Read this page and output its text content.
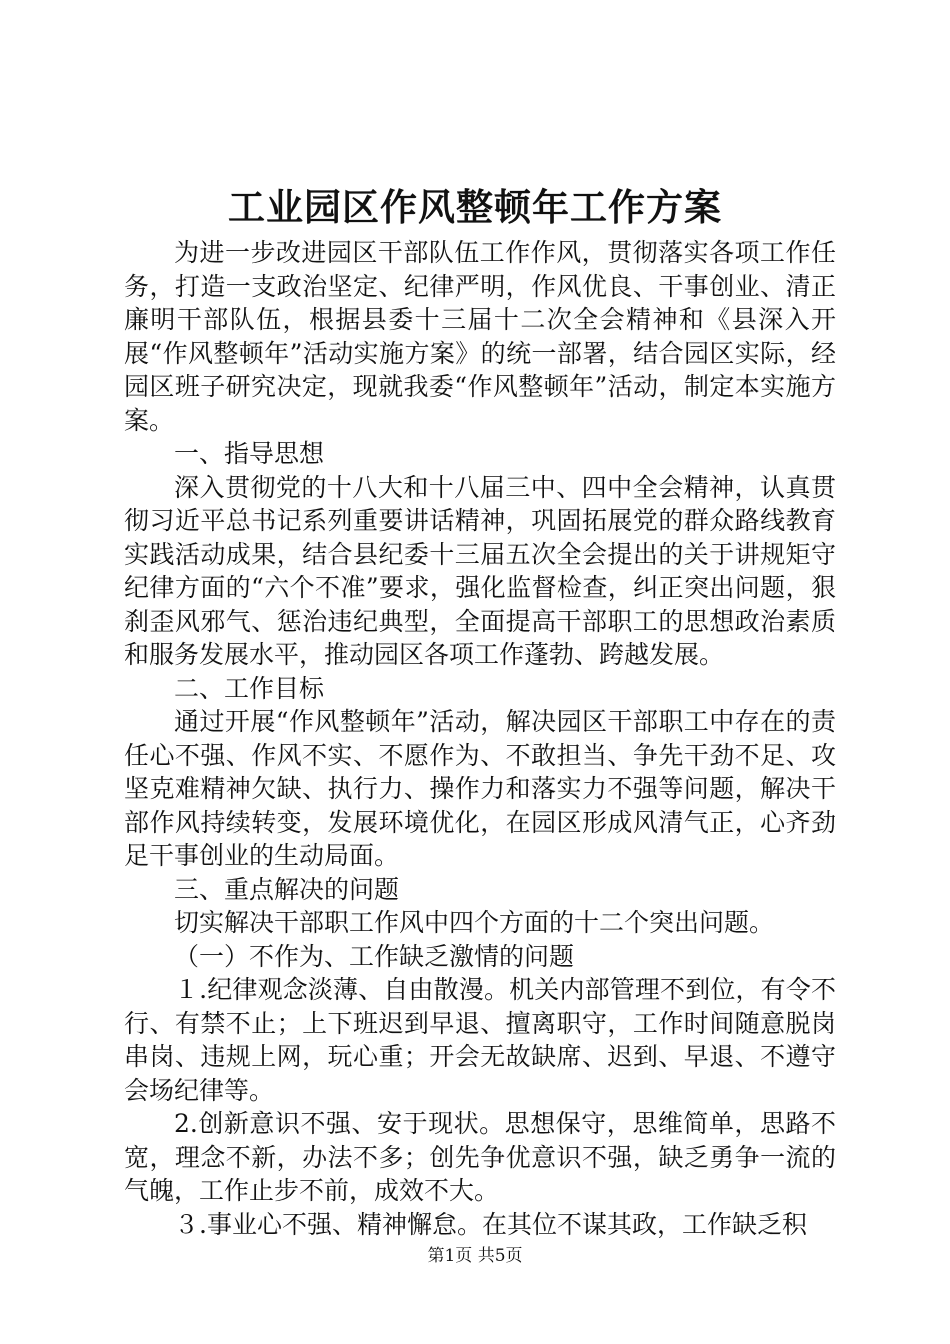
工业园区作风整顿年工作方案

为进一步改进园区干部队伍工作作风，贯彻落实各项工作任务，打造一支政治坚定、纪律严明，作风优良、干事创业、清正廉明干部队伍，根据县委十三届十二次全会精神和《县深入开展“作风整顿年”活动实施方案》的统一部署，结合园区实际，经园区班子研究决定，现就我委“作风整顿年”活动，制定本实施方案。

一、指导思想

深入贯彻党的十八大和十八届三中、四中全会精神，认真贯彻习近平总书记系列重要讲话精神，巩固拓展党的群众路线教育实践活动成果，结合县纪委十三届五次全会提出的关于讲规矩守纪律方面的“六个不准”要求，强化监督检查，纠正突出问题，狠刹歪风邪气、惩治违纪典型，全面提高干部职工的思想政治素质和服务发展水平，推动园区各项工作蓬勃、跨越发展。

二、工作目标

通过开展“作风整顿年”活动，解决园区干部职工中存在的责任心不强、作风不实、不愿作为、不敢担当、争先干劲不足、攻坚克难精神欠缺、执行力、操作力和落实力不强等问题，解决干部作风持续转变，发展环境优化，在园区形成风清气正，心齐劲足干事创业的生动局面。

三、重点解决的问题

切实解决干部职工作风中四个方面的十二个突出问题。

（一）不作为、工作缺乏激情的问题

１.纪律观念淡薄、自由散漫。机关内部管理不到位，有令不行、有禁不止；上下班迟到早退、擅离职守，工作时间随意脱岗串岗、违规上网，玩心重；开会无故缺席、迟到、早退、不遵守会场纪律等。

2.创新意识不强、安于现状。思想保守，思维简单，思路不宽，理念不新，办法不多；创先争优意识不强，缺乏勇争一流的气魄，工作止步不前，成效不大。

３.事业心不强、精神懈怠。在其位不谋其政，工作缺乏积

第1页 共5页
